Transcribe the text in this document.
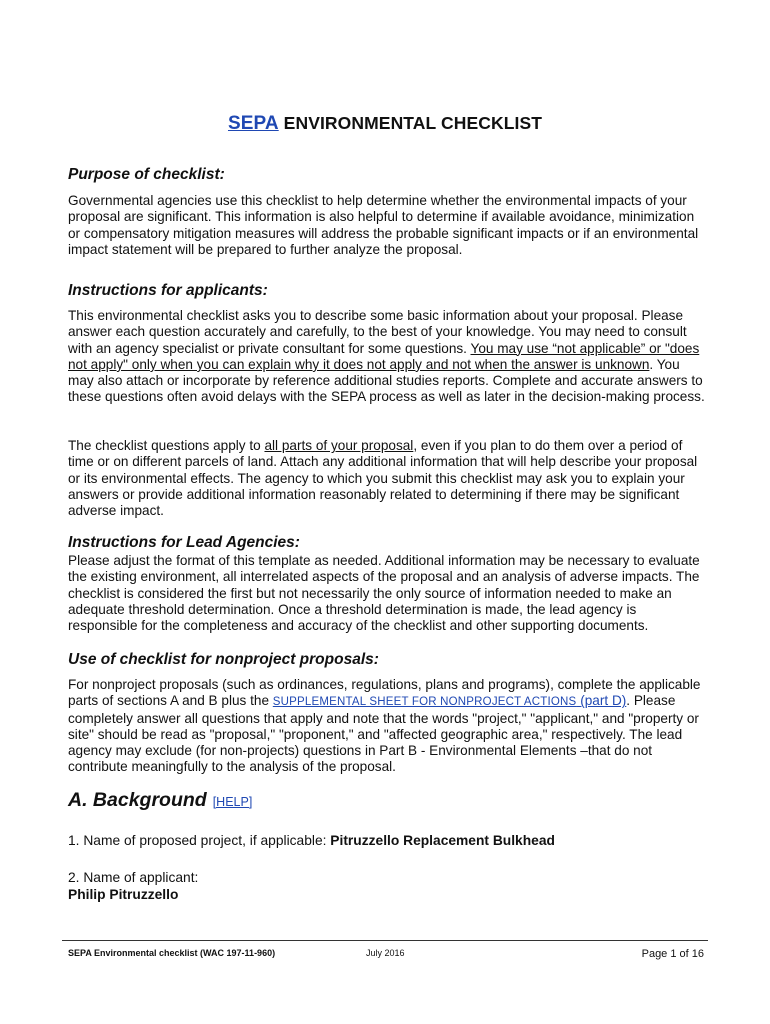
SEPA ENVIRONMENTAL CHECKLIST
Purpose of checklist:

Governmental agencies use this checklist to help determine whether the environmental impacts of your proposal are significant. This information is also helpful to determine if available avoidance, minimization or compensatory mitigation measures will address the probable significant impacts or if an environmental impact statement will be prepared to further analyze the proposal.

Instructions for applicants:

This environmental checklist asks you to describe some basic information about your proposal. Please answer each question accurately and carefully, to the best of your knowledge. You may need to consult with an agency specialist or private consultant for some questions. You may use “not applicable” or "does not apply" only when you can explain why it does not apply and not when the answer is unknown. You may also attach or incorporate by reference additional studies reports. Complete and accurate answers to these questions often avoid delays with the SEPA process as well as later in the decision-making process.

The checklist questions apply to all parts of your proposal, even if you plan to do them over a period of time or on different parcels of land. Attach any additional information that will help describe your proposal or its environmental effects. The agency to which you submit this checklist may ask you to explain your answers or provide additional information reasonably related to determining if there may be significant adverse impact.

Instructions for Lead Agencies:

Please adjust the format of this template as needed. Additional information may be necessary to evaluate the existing environment, all interrelated aspects of the proposal and an analysis of adverse impacts. The checklist is considered the first but not necessarily the only source of information needed to make an adequate threshold determination. Once a threshold determination is made, the lead agency is responsible for the completeness and accuracy of the checklist and other supporting documents.

Use of checklist for nonproject proposals:

For nonproject proposals (such as ordinances, regulations, plans and programs), complete the applicable parts of sections A and B plus the SUPPLEMENTAL SHEET FOR NONPROJECT ACTIONS (part D). Please completely answer all questions that apply and note that the words "project," "applicant," and "property or site" should be read as "proposal," "proponent," and "affected geographic area," respectively. The lead agency may exclude (for non-projects) questions in Part B - Environmental Elements –that do not contribute meaningfully to the analysis of the proposal.

A. Background [HELP]

1. Name of proposed project, if applicable: Pitruzzello Replacement Bulkhead

2. Name of applicant:

Philip Pitruzzello

SEPA Environmental checklist (WAC 197-11-960)	July 2016	Page 1 of 16
